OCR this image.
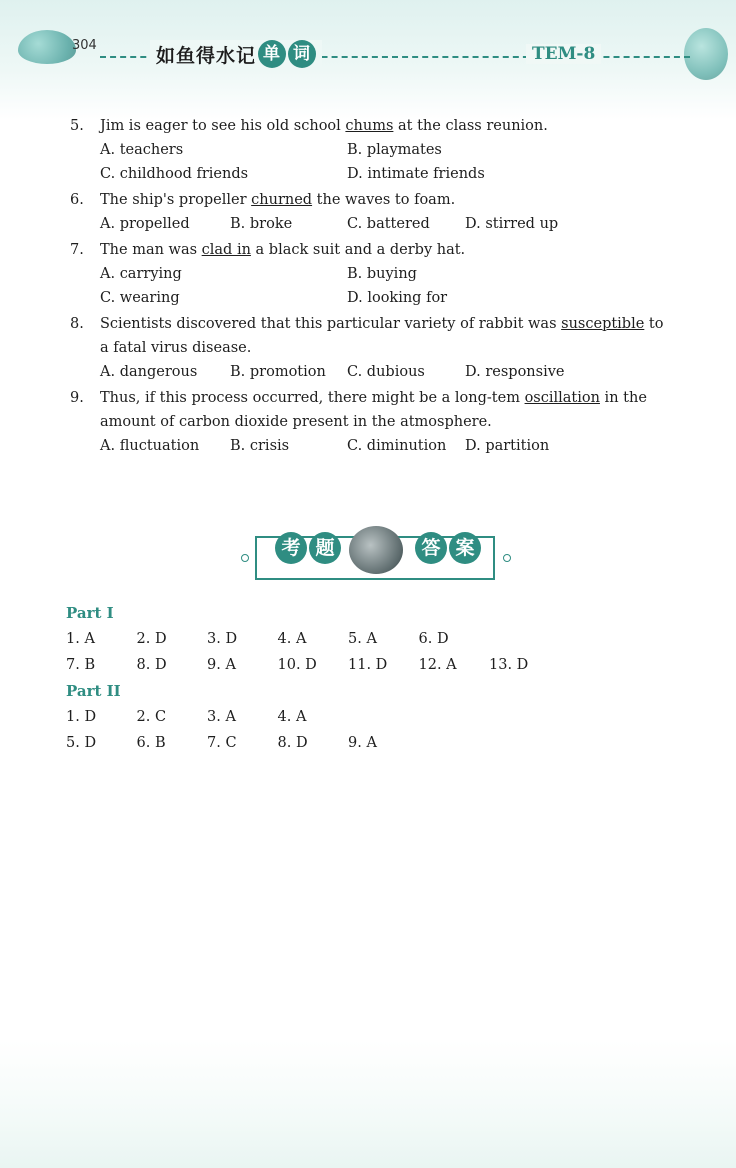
304	如鱼得水记 单 词	TEM-8
5.	Jim is eager to see his old school chums at the class reunion.
A. teachers	B. playmates
C. childhood friends	D. intimate friends
6.	The ship's propeller churned the waves to foam.
A. propelled	B. broke	C. battered	D. stirred up
7.	The man was clad in a black suit and a derby hat.
A. carrying	B. buying
C. wearing	D. looking for
8.	Scientists discovered that this particular variety of rabbit was susceptible to a fatal virus disease.
A. dangerous	B. promotion	C. dubious	D. responsive
9.	Thus, if this process occurred, there might be a long-tem oscillation in the amount of carbon dioxide present in the atmosphere.
A. fluctuation	B. crisis	C. diminution	D. partition
考 题	答 案
Part I
1. A	2. D	3. D	4. A	5. A	6. D
7. B	8. D	9. A	10. D	11. D	12. A	13. D
Part II
1. D	2. C	3. A	4. A
5. D	6. B	7. C	8. D	9. A
